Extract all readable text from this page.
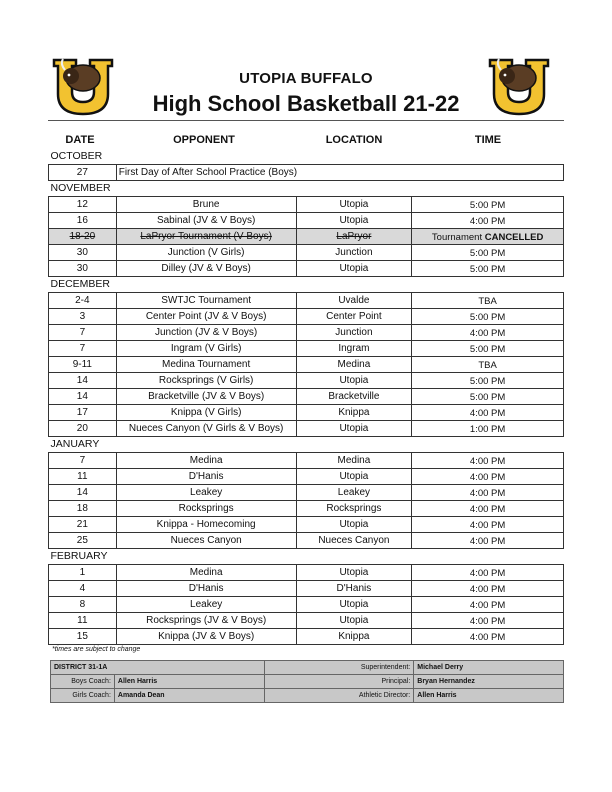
UTOPIA BUFFALO
High School Basketball 21-22
DATE	OPPONENT	LOCATION	TIME
OCTOBER			
27	First Day of After School Practice (Boys)		
NOVEMBER			
12	Brune	Utopia	5:00 PM
16	Sabinal (JV & V Boys)	Utopia	4:00 PM
18-20	LaPryor Tournament (V Boys)	LaPryor	Tournament CANCELLED
30	Junction (V Girls)	Junction	5:00 PM
30	Dilley (JV & V Boys)	Utopia	5:00 PM
DECEMBER			
2-4	SWTJC Tournament	Uvalde	TBA
3	Center Point (JV & V Boys)	Center Point	5:00 PM
7	Junction (JV & V Boys)	Junction	4:00 PM
7	Ingram (V Girls)	Ingram	5:00 PM
9-11	Medina Tournament	Medina	TBA
14	Rocksprings (V Girls)	Utopia	5:00 PM
14	Bracketville (JV & V Boys)	Bracketville	5:00 PM
17	Knippa (V Girls)	Knippa	4:00 PM
20	Nueces Canyon (V Girls & V Boys)	Utopia	1:00 PM
JANUARY			
7	Medina	Medina	4:00 PM
11	D'Hanis	Utopia	4:00 PM
14	Leakey	Leakey	4:00 PM
18	Rocksprings	Rocksprings	4:00 PM
21	Knippa - Homecoming	Utopia	4:00 PM
25	Nueces Canyon	Nueces Canyon	4:00 PM
FEBRUARY			
1	Medina	Utopia	4:00 PM
4	D'Hanis	D'Hanis	4:00 PM
8	Leakey	Utopia	4:00 PM
11	Rocksprings (JV & V Boys)	Utopia	4:00 PM
15	Knippa (JV & V Boys)	Knippa	4:00 PM
*times are subject to change
DISTRICT 31-1A		Superintendent:	Michael Derry
Boys Coach:	Allen Harris	Principal:	Bryan Hernandez
Girls Coach:	Amanda Dean	Athletic Director:	Allen Harris
